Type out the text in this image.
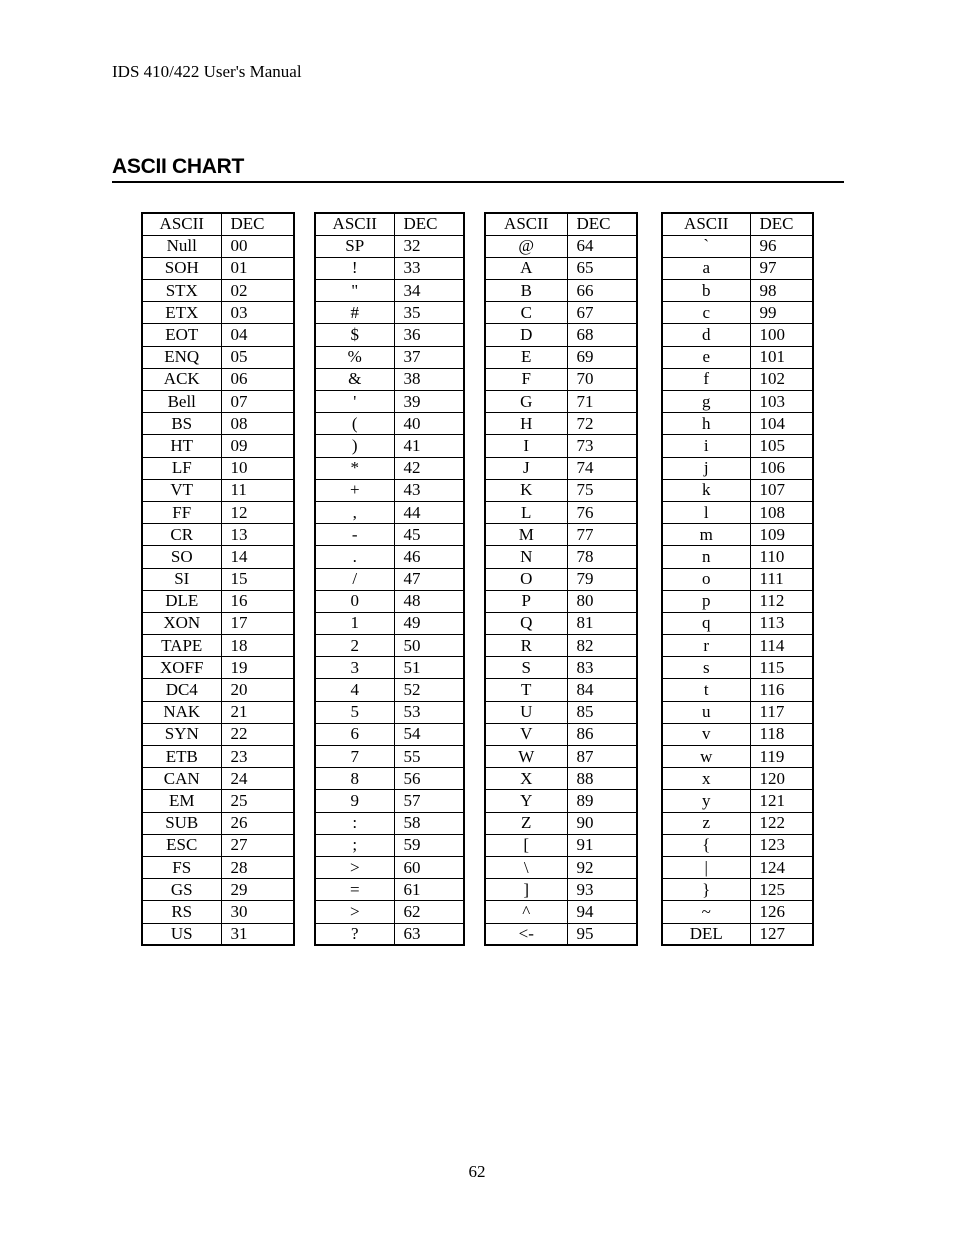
IDS 410/422 User's Manual
ASCII CHART
ASCII	DEC
Null	00
SOH	01
STX	02
ETX	03
EOT	04
ENQ	05
ACK	06
Bell	07
BS	08
HT	09
LF	10
VT	11
FF	12
CR	13
SO	14
SI	15
DLE	16
XON	17
TAPE	18
XOFF	19
DC4	20
NAK	21
SYN	22
ETB	23
CAN	24
EM	25
SUB	26
ESC	27
FS	28
GS	29
RS	30
US	31
ASCII	DEC
SP	32
!	33
"	34
#	35
$	36
%	37
&	38
'	39
(	40
)	41
*	42
+	43
,	44
-	45
.	46
/	47
0	48
1	49
2	50
3	51
4	52
5	53
6	54
7	55
8	56
9	57
:	58
;	59
>	60
=	61
>	62
?	63
ASCII	DEC
@	64
A	65
B	66
C	67
D	68
E	69
F	70
G	71
H	72
I	73
J	74
K	75
L	76
M	77
N	78
O	79
P	80
Q	81
R	82
S	83
T	84
U	85
V	86
W	87
X	88
Y	89
Z	90
[	91
\	92
]	93
^	94
<-	95
ASCII	DEC
`	96
a	97
b	98
c	99
d	100
e	101
f	102
g	103
h	104
i	105
j	106
k	107
l	108
m	109
n	110
o	111
p	112
q	113
r	114
s	115
t	116
u	117
v	118
w	119
x	120
y	121
z	122
{	123
|	124
}	125
~	126
DEL	127
62
